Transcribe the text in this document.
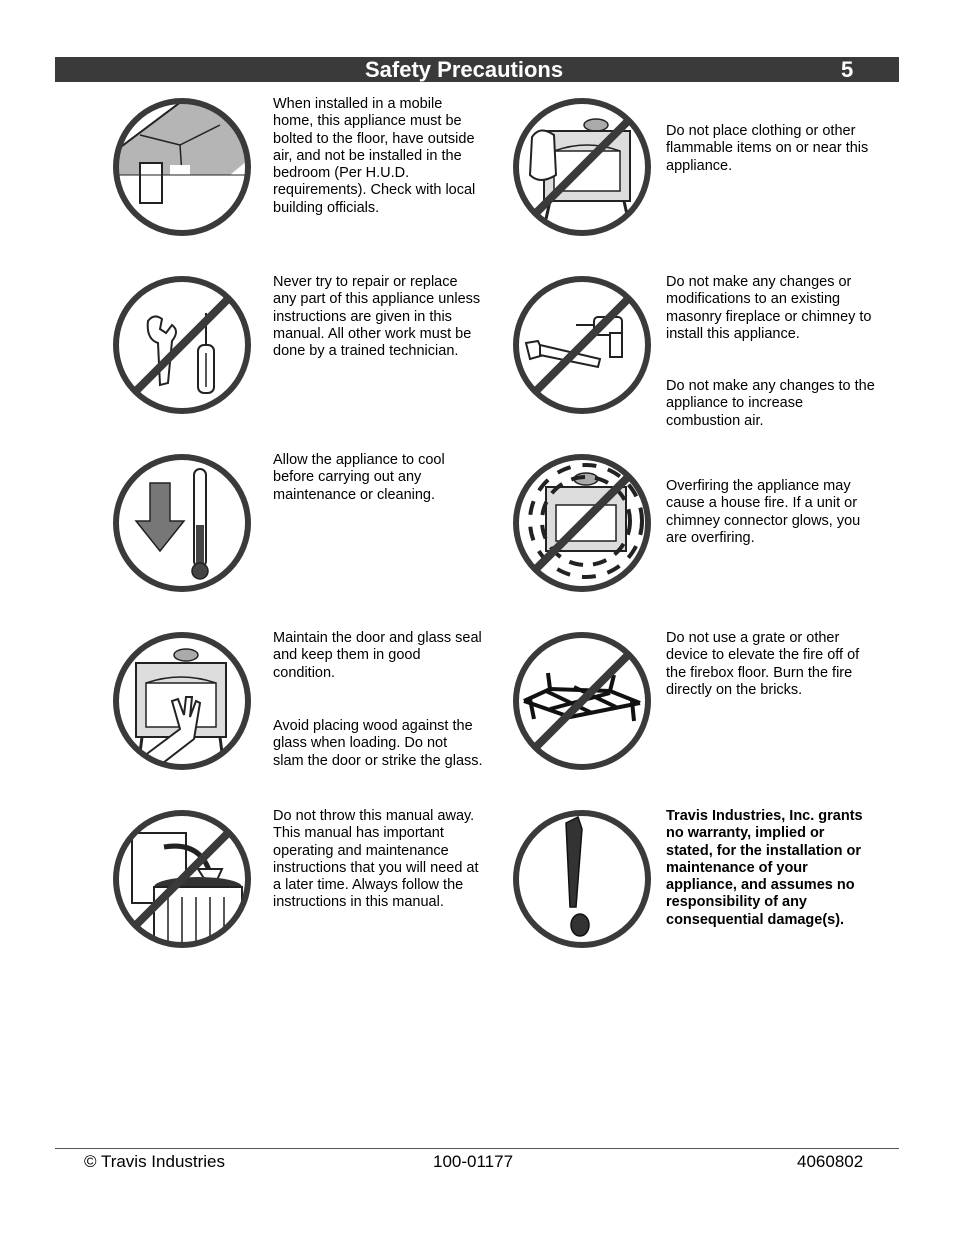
Safety Precautions	5
When installed in a mobile
home, this appliance must be
bolted to the floor, have outside
air, and not be installed in the
bedroom (Per H.U.D.
requirements). Check with local
building officials.
Do not place clothing or other
flammable items on or near this
appliance.
Never try to repair or replace
any part of this appliance unless
instructions are given in this
manual. All other work must be
done by a trained technician.
Do not make any changes or
modifications to an existing
masonry fireplace or chimney to
install this appliance.
Do not make any changes to the
appliance to increase
combustion air.
Allow the appliance to cool
before carrying out any
maintenance or cleaning.
Overfiring the appliance may
cause a house fire. If a unit or
chimney connector glows, you
are overfiring.
Maintain the door and glass seal
and keep them in good
condition.
Avoid placing wood against the
glass when loading. Do not
slam the door or strike the glass.
Do not use a grate or other
device to elevate the fire off of
the firebox floor. Burn the fire
directly on the bricks.
Do not throw this manual away.
This manual has important
operating and maintenance
instructions that you will need at
a later time. Always follow the
instructions in this manual.
Travis Industries, Inc. grants
no warranty, implied or
stated, for the installation or
maintenance of your
appliance, and assumes no
responsibility of any
consequential damage(s).
© Travis Industries	100-01177	4060802
